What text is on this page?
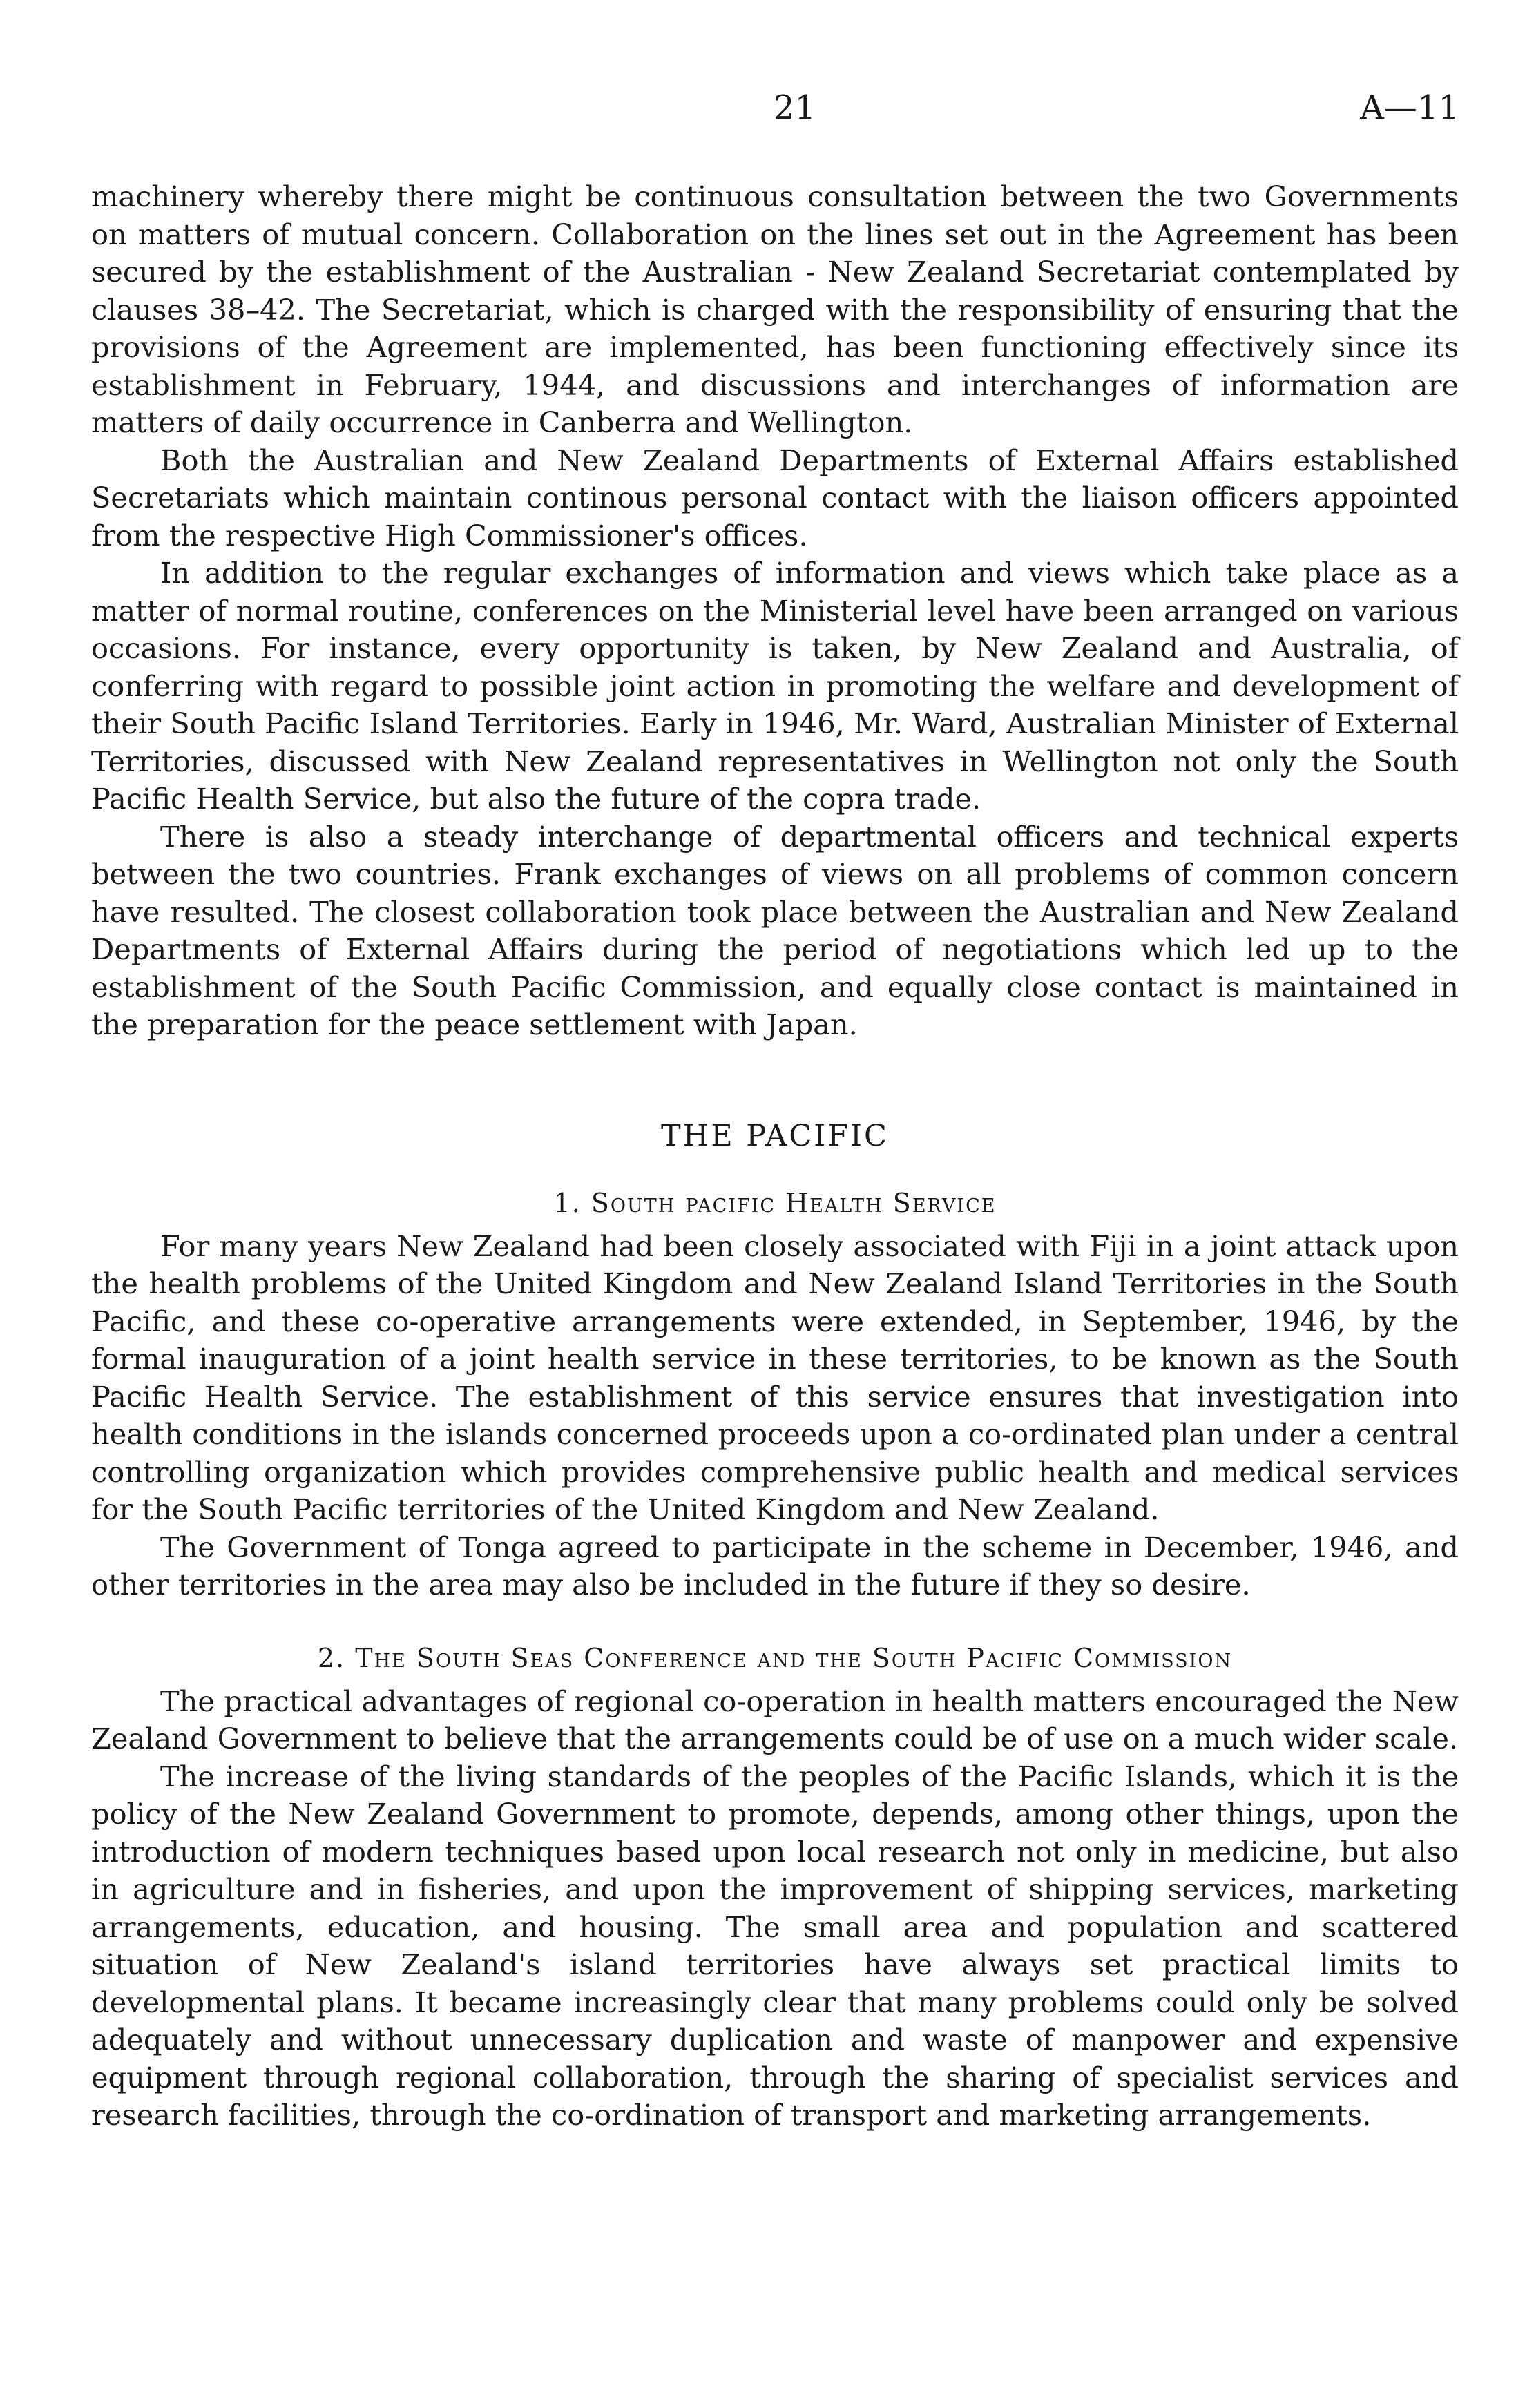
21	A—11

machinery whereby there might be continuous consultation between the two Governments on matters of mutual concern. Collaboration on the lines set out in the Agreement has been secured by the establishment of the Australian - New Zealand Secretariat contemplated by clauses 38–42. The Secretariat, which is charged with the responsibility of ensuring that the provisions of the Agreement are implemented, has been functioning effectively since its establishment in February, 1944, and discussions and interchanges of information are matters of daily occurrence in Canberra and Wellington.

Both the Australian and New Zealand Departments of External Affairs established Secretariats which maintain continous personal contact with the liaison officers appointed from the respective High Commissioner's offices.

In addition to the regular exchanges of information and views which take place as a matter of normal routine, conferences on the Ministerial level have been arranged on various occasions. For instance, every opportunity is taken, by New Zealand and Australia, of conferring with regard to possible joint action in promoting the welfare and development of their South Pacific Island Territories. Early in 1946, Mr. Ward, Australian Minister of External Territories, discussed with New Zealand representatives in Wellington not only the South Pacific Health Service, but also the future of the copra trade.

There is also a steady interchange of departmental officers and technical experts between the two countries. Frank exchanges of views on all problems of common concern have resulted. The closest collaboration took place between the Australian and New Zealand Departments of External Affairs during the period of negotiations which led up to the establishment of the South Pacific Commission, and equally close contact is maintained in the preparation for the peace settlement with Japan.

THE PACIFIC
1. South pacific Health Service

For many years New Zealand had been closely associated with Fiji in a joint attack upon the health problems of the United Kingdom and New Zealand Island Territories in the South Pacific, and these co-operative arrangements were extended, in September, 1946, by the formal inauguration of a joint health service in these territories, to be known as the South Pacific Health Service. The establishment of this service ensures that investigation into health conditions in the islands concerned proceeds upon a co-ordinated plan under a central controlling organization which provides comprehensive public health and medical services for the South Pacific territories of the United Kingdom and New Zealand.

The Government of Tonga agreed to participate in the scheme in December, 1946, and other territories in the area may also be included in the future if they so desire.

2. The South Seas Conference and the South Pacific Commission

The practical advantages of regional co-operation in health matters encouraged the New Zealand Government to believe that the arrangements could be of use on a much wider scale.

The increase of the living standards of the peoples of the Pacific Islands, which it is the policy of the New Zealand Government to promote, depends, among other things, upon the introduction of modern techniques based upon local research not only in medicine, but also in agriculture and in fisheries, and upon the improvement of shipping services, marketing arrangements, education, and housing. The small area and population and scattered situation of New Zealand's island territories have always set practical limits to developmental plans. It became increasingly clear that many problems could only be solved adequately and without unnecessary duplication and waste of manpower and expensive equipment through regional collaboration, through the sharing of specialist services and research facilities, through the co-ordination of transport and marketing arrangements.
